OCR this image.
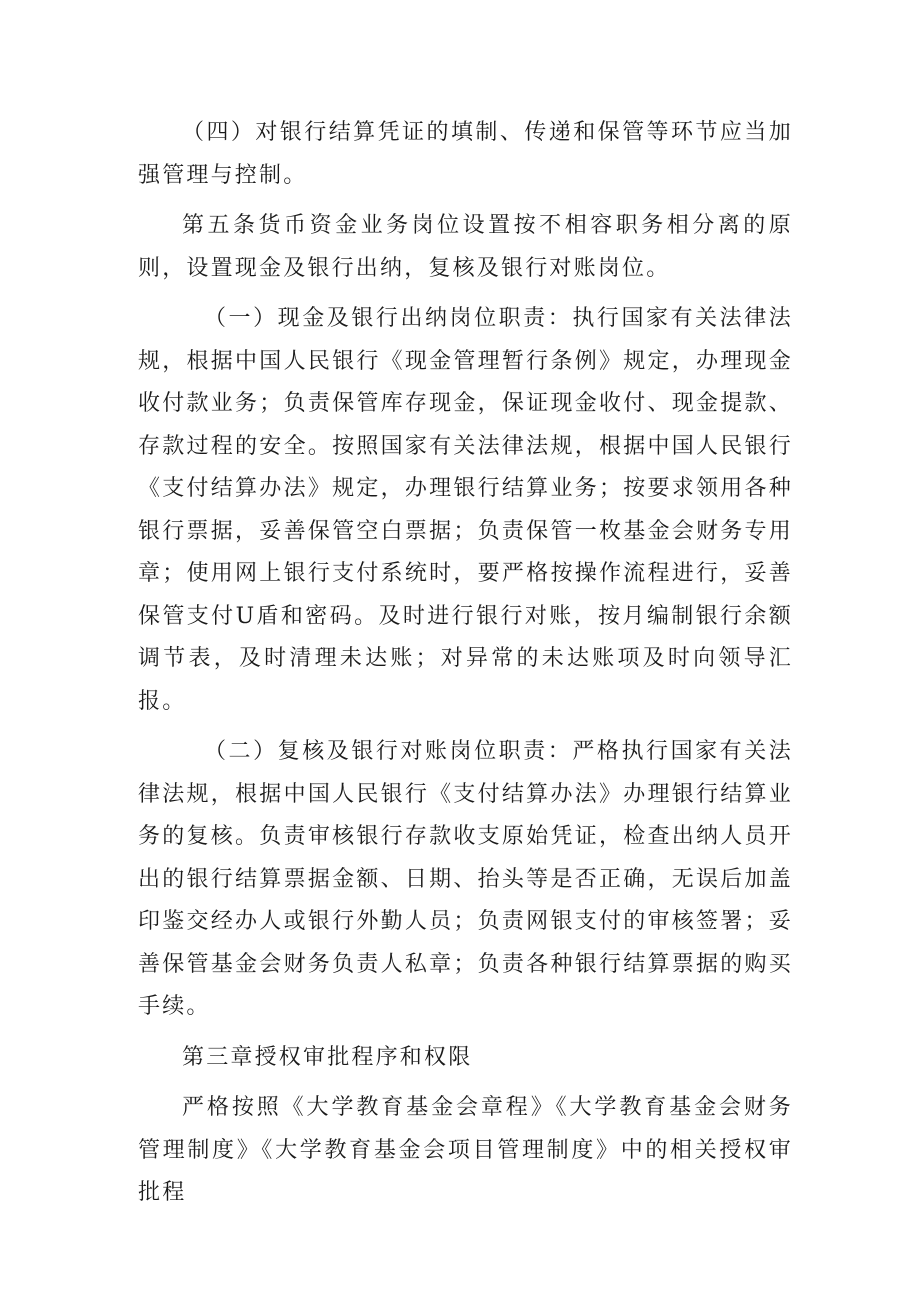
（四）对银行结算凭证的填制、传递和保管等环节应当加强管理与控制。

第五条货币资金业务岗位设置按不相容职务相分离的原则，设置现金及银行出纳，复核及银行对账岗位。

（一）现金及银行出纳岗位职责：执行国家有关法律法规，根据中国人民银行《现金管理暂行条例》规定，办理现金收付款业务；负责保管库存现金，保证现金收付、现金提款、存款过程的安全。按照国家有关法律法规，根据中国人民银行《支付结算办法》规定，办理银行结算业务；按要求领用各种银行票据，妥善保管空白票据；负责保管一枚基金会财务专用章；使用网上银行支付系统时，要严格按操作流程进行，妥善保管支付U盾和密码。及时进行银行对账，按月编制银行余额调节表，及时清理未达账；对异常的未达账项及时向领导汇报。

（二）复核及银行对账岗位职责：严格执行国家有关法律法规，根据中国人民银行《支付结算办法》办理银行结算业务的复核。负责审核银行存款收支原始凭证，检查出纳人员开出的银行结算票据金额、日期、抬头等是否正确，无误后加盖印鉴交经办人或银行外勤人员；负责网银支付的审核签署；妥善保管基金会财务负责人私章；负责各种银行结算票据的购买手续。

第三章授权审批程序和权限

严格按照《大学教育基金会章程》《大学教育基金会财务管理制度》《大学教育基金会项目管理制度》中的相关授权审批程
